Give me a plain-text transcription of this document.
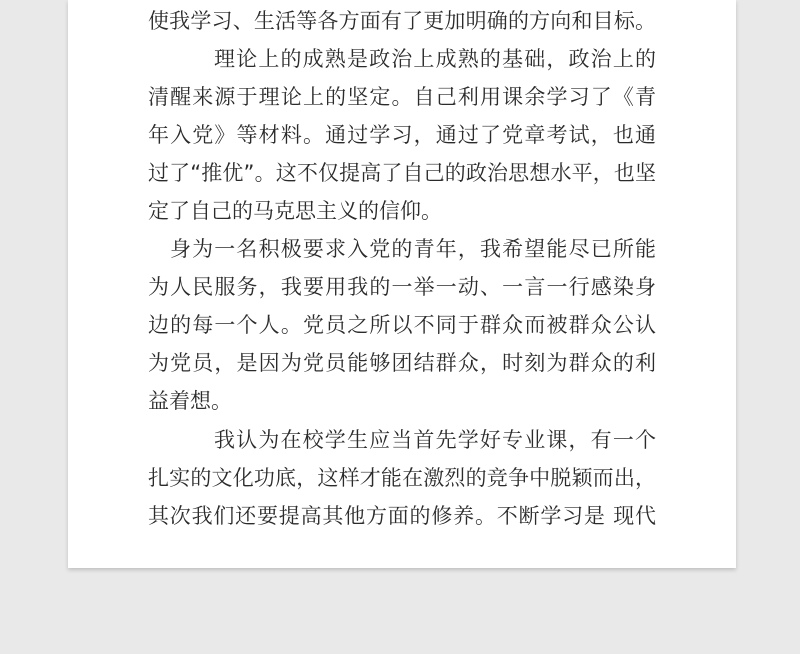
使我学习、生活等各方面有了更加明确的方向和目标。
理论上的成熟是政治上成熟的基础，政治上的
清醒来源于理论上的坚定。自己利用课余学习了《青
年入党》等材料。通过学习，通过了党章考试，也通
过了“推优”。这不仅提高了自己的政治思想水平，也坚
定了自己的马克思主义的信仰。
身为一名积极要求入党的青年，我希望能尽已所能
为人民服务，我要用我的一举一动、一言一行感染身
边的每一个人。党员之所以不同于群众而被群众公认
为党员，是因为党员能够团结群众，时刻为群众的利
益着想。
我认为在校学生应当首先学好专业课，有一个
扎实的文化功底，这样才能在激烈的竞争中脱颖而出，
其次我们还要提高其他方面的修养。不断学习是 现代
